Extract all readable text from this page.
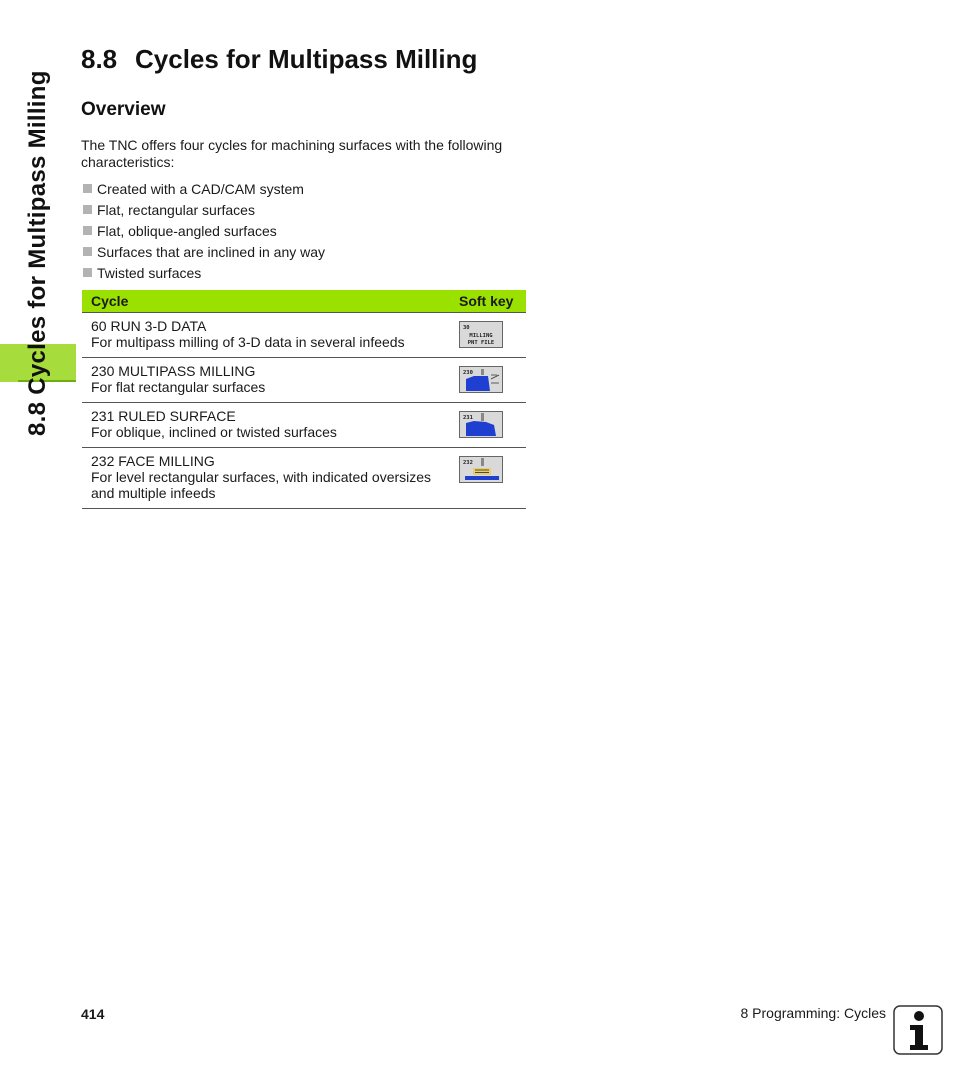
8.8 Cycles for Multipass Milling
8.8 Cycles for Multipass Milling
Overview

The TNC offers four cycles for machining surfaces with the following characteristics:

Created with a CAD/CAM system
Flat, rectangular surfaces
Flat, oblique-angled surfaces
Surfaces that are inclined in any way
Twisted surfaces
Cycle	Soft key

60 RUN 3-D DATA
For multipass milling of 3-D data in several infeeds	30
MILLING
PNT FILE

230 MULTIPASS MILLING
For flat rectangular surfaces	230

231 RULED SURFACE
For oblique, inclined or twisted surfaces	231

232 FACE MILLING
For level rectangular surfaces, with indicated oversizes and multiple infeeds	232
414	8 Programming: Cycles
